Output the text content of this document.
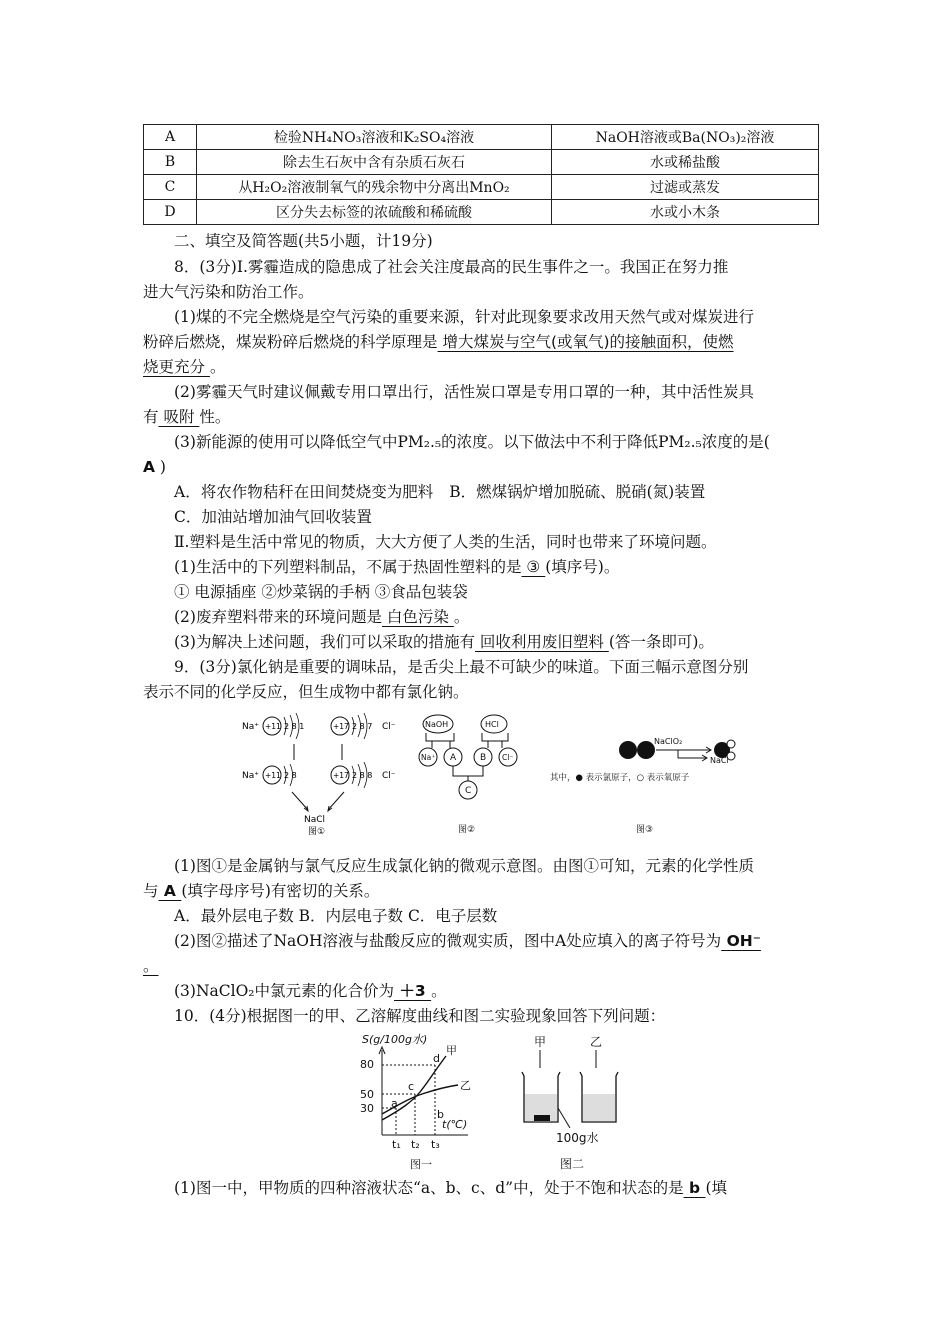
A	检验NH₄NO₃溶液和K₂SO₄溶液	NaOH溶液或Ba(NO₃)₂溶液
B	除去生石灰中含有杂质石灰石	水或稀盐酸
C	从H₂O₂溶液制氧气的残余物中分离出MnO₂	过滤或蒸发
D	区分失去标签的浓硫酸和稀硫酸	水或小木条
二、填空及简答题(共5小题，计19分)
8．(3分)Ⅰ.雾霾造成的隐患成了社会关注度最高的民生事件之一。我国正在努力推
进大气污染和防治工作。
(1)煤的不完全燃烧是空气污染的重要来源，针对此现象要求改用天然气或对煤炭进行
粉碎后燃烧，煤炭粉碎后燃烧的科学原理是 增大煤炭与空气(或氧气)的接触面积，使燃
烧更充分 。
(2)雾霾天气时建议佩戴专用口罩出行，活性炭口罩是专用口罩的一种，其中活性炭具
有 吸附 性。
(3)新能源的使用可以降低空气中PM₂.₅的浓度。以下做法中不利于降低PM₂.₅浓度的是(
A )
A．将农作物秸秆在田间焚烧变为肥料 B．燃煤锅炉增加脱硫、脱硝(氮)装置
C．加油站增加油气回收装置
Ⅱ.塑料是生活中常见的物质，大大方便了人类的生活，同时也带来了环境问题。
(1)生活中的下列塑料制品，不属于热固性塑料的是 ③ (填序号)。
① 电源插座 ②炒菜锅的手柄 ③食品包装袋
(2)废弃塑料带来的环境问题是 白色污染 。
(3)为解决上述问题，我们可以采取的措施有 回收利用废旧塑料 (答一条即可)。
9．(3分)氯化钠是重要的调味品，是舌尖上最不可缺少的味道。下面三幅示意图分别
表示不同的化学反应，但生成物中都有氯化钠。
Na⁺ +11 2 8 1	+17 2 8 7 Cl⁻
Na⁺ +11 2 8	+17 2 8 8 Cl⁻
NaCl
图①
NaOH	HCl
Na⁺ A	B Cl⁻
C
图②
NaClO₂
NaCl
其中，● 表示氯原子，○ 表示氧原子
图③
(1)图①是金属钠与氯气反应生成氯化钠的微观示意图。由图①可知，元素的化学性质
与 A (填字母序号)有密切的关系。
A．最外层电子数 B．内层电子数 C．电子层数
(2)图②描述了NaOH溶液与盐酸反应的微观实质，图中A处应填入的离子符号为 OH⁻
。
(3)NaClO₂中氯元素的化合价为 ＋3 。
10．(4分)根据图一的甲、乙溶解度曲线和图二实验现象回答下列问题：
S(g/100g水)
80
50
30
甲
乙
a
b
c
d
t₁ t₂ t₃
t(℃)
图一
甲	乙
100g水
图二
(1)图一中，甲物质的四种溶液状态“a、b、c、d”中，处于不饱和状态的是 b (填
